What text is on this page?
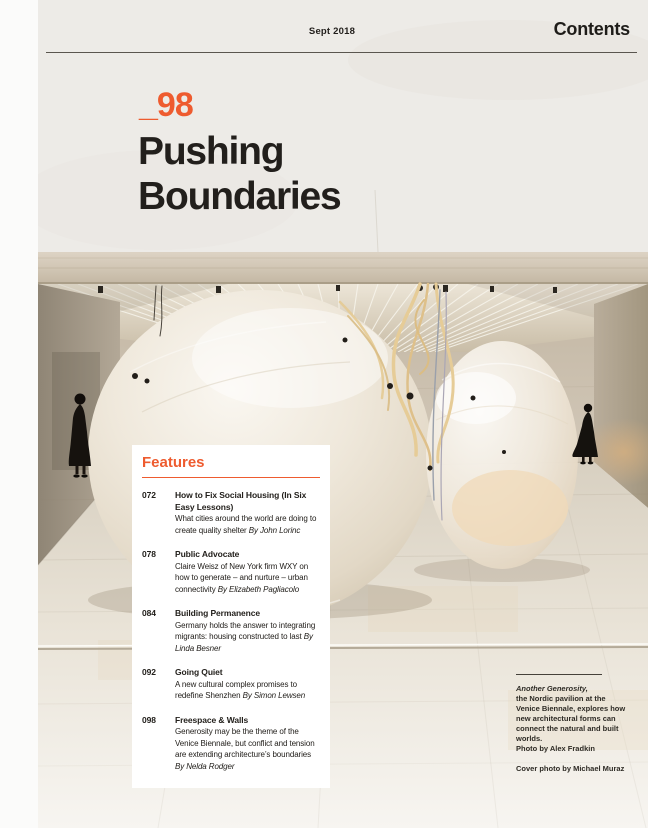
Sept 2018	Contents
_98
Pushing
Boundaries
Features
072	How to Fix Social Housing (In Six Easy Lessons)
What cities around the world are doing to create quality shelter By John Lorinc
078	Public Advocate
Claire Weisz of New York firm WXY on how to generate – and nurture – urban connectivity By Elizabeth Pagliacolo
084	Building Permanence
Germany holds the answer to integrating migrants: housing constructed to last By Linda Besner
092	Going Quiet
A new cultural complex promises to redefine Shenzhen By Simon Lewsen
098	Freespace & Walls
Generosity may be the theme of the Venice Biennale, but conflict and tension are extending architecture’s boundaries By Nelda Rodger
Another Generosity,
the Nordic pavilion at the Venice Biennale, explores how new architectural forms can connect the natural and built worlds.
Photo by Alex Fradkin
Cover photo by Michael Muraz
